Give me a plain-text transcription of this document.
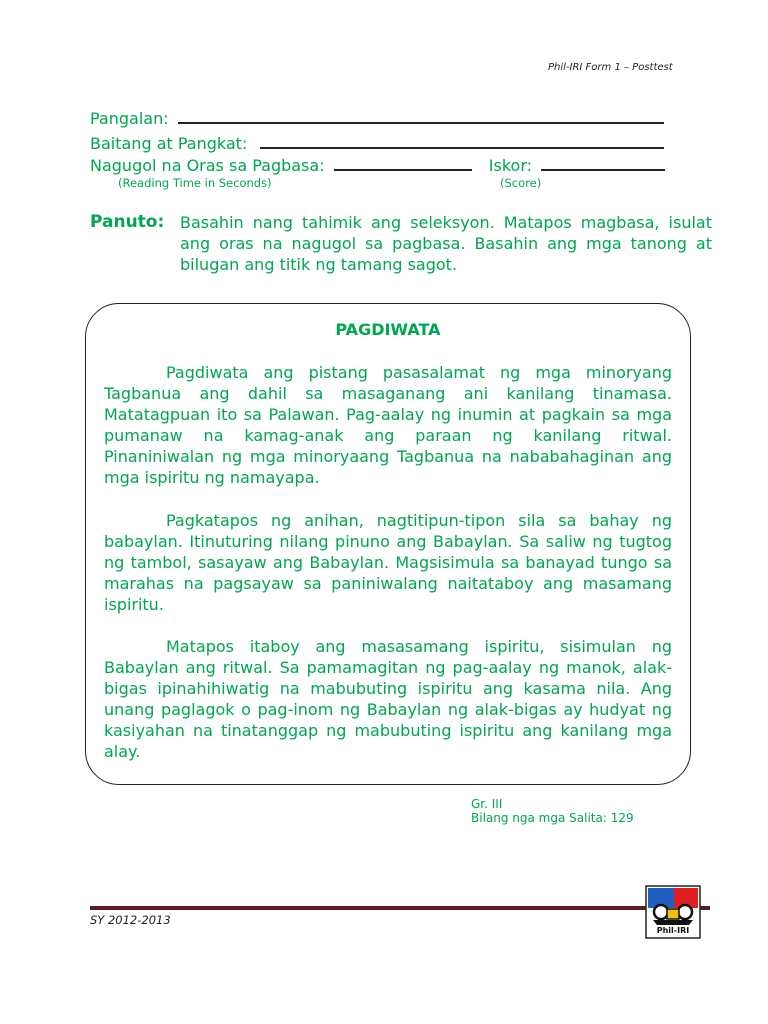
Phil-IRI Form 1 – Posttest
Pangalan:
Baitang at Pangkat:
Nagugol na Oras sa Pagbasa:	Iskor:
(Reading Time in Seconds)	(Score)
Panuto: Basahin nang tahimik ang seleksyon. Matapos magbasa, isulat ang oras na nagugol sa pagbasa. Basahin ang mga tanong at bilugan ang titik ng tamang sagot.
PAGDIWATA
Pagdiwata ang pistang pasasalamat ng mga minoryang Tagbanua ang dahil sa masaganang ani kanilang tinamasa. Matatagpuan ito sa Palawan. Pag-aalay ng inumin at pagkain sa mga pumanaw na kamag-anak ang paraan ng kanilang ritwal. Pinaniniwalan ng mga minoryaang Tagbanua na nababahaginan ang mga ispiritu ng namayapa.
Pagkatapos ng anihan, nagtitipun-tipon sila sa bahay ng babaylan. Itinuturing nilang pinuno ang Babaylan. Sa saliw ng tugtog ng tambol, sasayaw ang Babaylan. Magsisimula sa banayad tungo sa marahas na pagsayaw sa paniniwalang naitataboy ang masamang ispiritu.
Matapos itaboy ang masasamang ispiritu, sisimulan ng Babaylan ang ritwal. Sa pamamagitan ng pag-aalay ng manok, alak-bigas ipinahihiwatig na mabubuting ispiritu ang kasama nila. Ang unang paglagok o pag-inom ng Babaylan ng alak-bigas ay hudyat ng kasiyahan na tinatanggap ng mabubuting ispiritu ang kanilang mga alay.
Gr. III
Bilang nga mga Salita: 129
SY 2012-2013
Phil-IRI
